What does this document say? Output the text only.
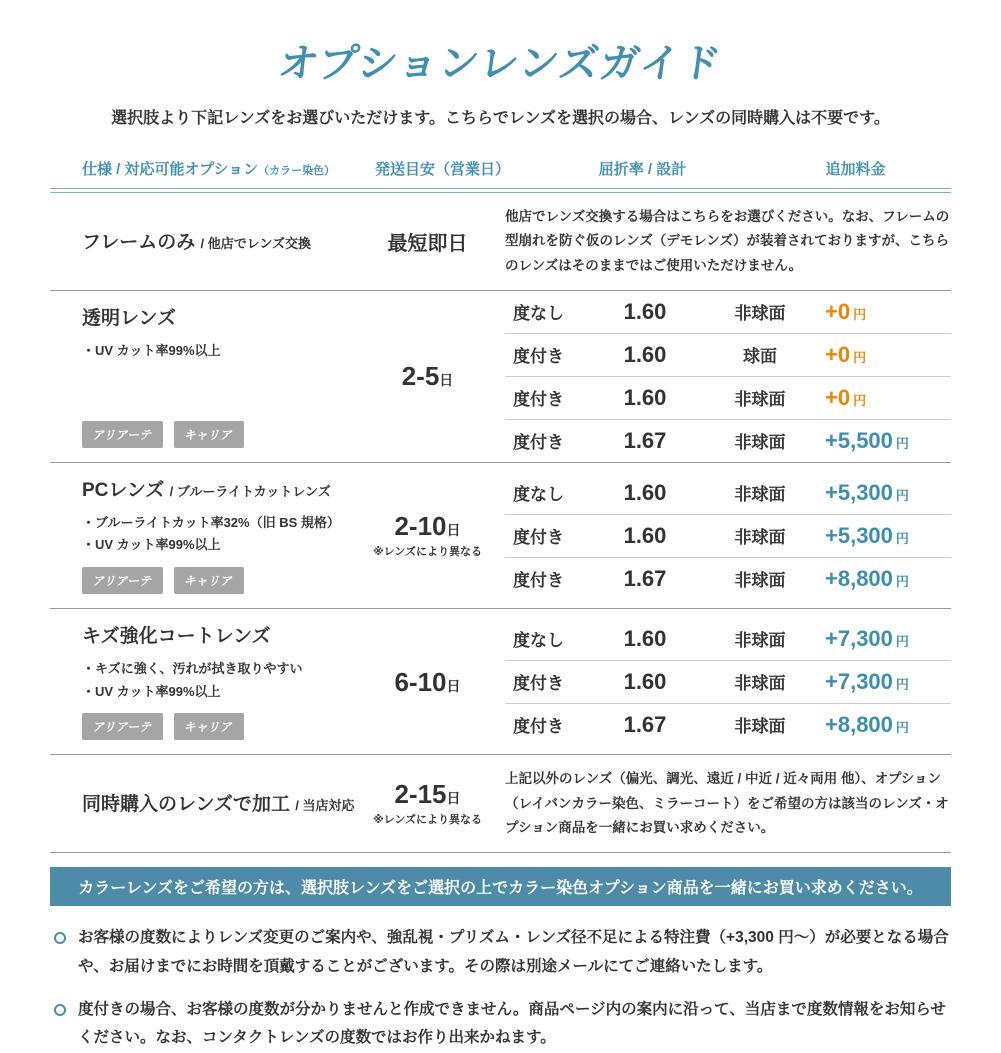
オプションレンズガイド

選択肢より下記レンズをお選びいただけます。こちらでレンズを選択の場合、レンズの同時購入は不要です。

仕様 / 対応可能オプション（カラー染色）	発送目安（営業日）	屈折率 / 設計	追加料金
フレームのみ / 他店でレンズ交換	最短即日
他店でレンズ交換する場合はこちらをお選びください。なお、フレームの型崩れを防ぐ仮のレンズ（デモレンズ）が装着されておりますが、こちらのレンズはそのままではご使用いただけません。
透明レンズ
・UV カット率99%以上
アリアーテ	キャリア
2-5日
度なし	1.60	非球面	+0 円
度付き	1.60	球面	+0 円
度付き	1.60	非球面	+0 円
度付き	1.67	非球面	+5,500 円
PCレンズ / ブルーライトカットレンズ
・ブルーライトカット率32%（旧 BS 規格）
・UV カット率99%以上
アリアーテ	キャリア
2-10日
※レンズにより異なる
度なし	1.60	非球面	+5,300 円
度付き	1.60	非球面	+5,300 円
度付き	1.67	非球面	+8,800 円
キズ強化コートレンズ
・キズに強く、汚れが拭き取りやすい
・UV カット率99%以上
アリアーテ	キャリア
6-10日
度なし	1.60	非球面	+7,300 円
度付き	1.60	非球面	+7,300 円
度付き	1.67	非球面	+8,800 円
同時購入のレンズで加工 / 当店対応	2-15日
※レンズにより異なる
上記以外のレンズ（偏光、調光、遠近 / 中近 / 近々両用 他）、オプション（レイバンカラー染色、ミラーコート）をご希望の方は該当のレンズ・オプション商品を一緒にお買い求めください。
カラーレンズをご希望の方は、選択肢レンズをご選択の上でカラー染色オプション商品を一緒にお買い求めください。
お客様の度数によりレンズ変更のご案内や、強乱視・プリズム・レンズ径不足による特注費（+3,300 円〜）が必要となる場合や、お届けまでにお時間を頂戴することがございます。その際は別途メールにてご連絡いたします。
度付きの場合、お客様の度数が分かりませんと作成できません。商品ページ内の案内に沿って、当店まで度数情報をお知らせください。なお、コンタクトレンズの度数ではお作り出来かねます。
